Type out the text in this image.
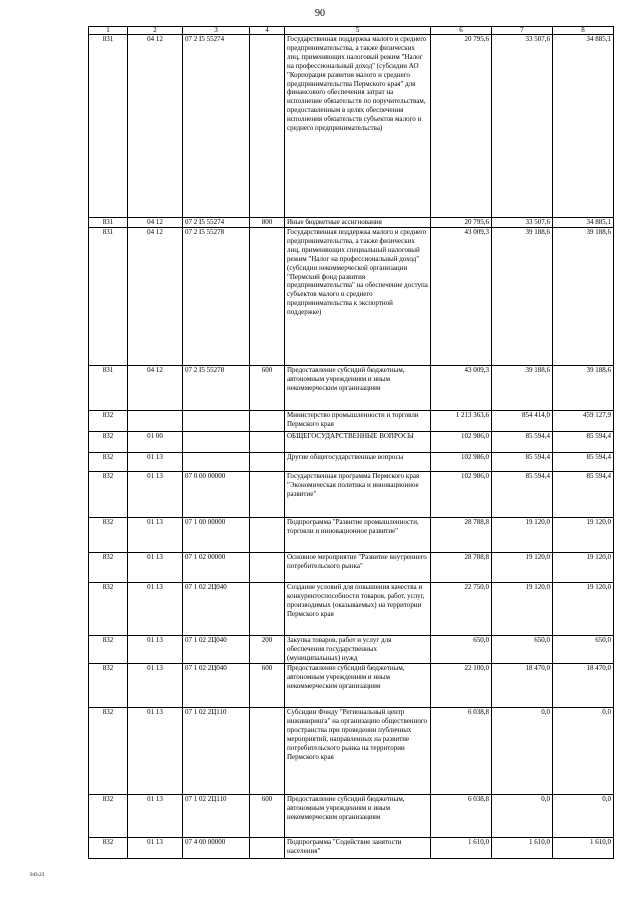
90
1	2	3	4	5	6	7	8
831	04 12	07 2 I5 55274		Государственная поддержка малого и среднего предпринимательства, а также физических лиц, применяющих налоговый режим "Налог на профессиональный доход" (субсидии АО "Корпорация развития малого и среднего предпринимательства Пермского края" для финансового обеспечения затрат на исполнение обязательств по поручительствам, предоставленным в целях обеспечения исполнения обязательств субъектов малого и среднего предпринимательства)	20 795,6	33 507,6	34 885,1
831	04 12	07 2 I5 55274	800	Иные бюджетные ассигнования	20 795,6	33 507,6	34 885,1
831	04 12	07 2 I5 55278		Государственная поддержка малого и среднего предпринимательства, а также физических лиц, применяющих специальный налоговый режим "Налог на профессиональный доход" (субсидии некоммерческой организации "Пермский фонд развития предпринимательства" на обеспечение доступа субъектов малого и среднего предпринимательства к экспортной поддержке)	43 009,3	39 188,6	39 188,6
831	04 12	07 2 I5 55278	600	Предоставление субсидий бюджетным, автономным учреждениям и иным некоммерческим организациям	43 009,3	39 188,6	39 188,6
832				Министерство промышленности и торговли Пермского края	1 213 363,6	854 414,0	459 127,9
832	01 00			ОБЩЕГОСУДАРСТВЕННЫЕ ВОПРОСЫ	102 986,0	85 594,4	85 594,4
832	01 13			Другие общегосударственные вопросы	102 986,0	85 594,4	85 594,4
832	01 13	07 0 00 00000		Государственная программа Пермского края "Экономическая политика и инновационное развитие"	102 986,0	85 594,4	85 594,4
832	01 13	07 1 00 00000		Подпрограмма "Развитие промышленности, торговли и инновационное развитие"	28 788,8	19 120,0	19 120,0
832	01 13	07 1 02 00000		Основное мероприятие "Развитие внутреннего потребительского рынка"	28 788,8	19 120,0	19 120,0
832	01 13	07 1 02 2Ц040		Создание условий для повышения качества и конкурентоспособности товаров, работ, услуг, производимых (оказываемых) на территории Пермского края	22 750,0	19 120,0	19 120,0
832	01 13	07 1 02 2Ц040	200	Закупка товаров, работ и услуг для обеспечения государственных (муниципальных) нужд	650,0	650,0	650,0
832	01 13	07 1 02 2Ц040	600	Предоставление субсидий бюджетным, автономным учреждениям и иным некоммерческим организациям	22 100,0	18 470,0	18 470,0
832	01 13	07 1 02 2Ц110		Субсидии Фонду "Региональный центр инжиниринга" на организацию общественного пространства при проведении публичных мероприятий, направленных на развитие потребительского рынка на территории Пермского края	6 038,8	0,0	0,0
832	01 13	07 1 02 2Ц110	600	Предоставление субсидий бюджетным, автономным учреждениям и иным некоммерческим организациям	6 038,8	0,0	0,0
832	01 13	07 4 00 00000		Подпрограмма "Содействие занятости населения"	1 610,0	1 610,0	1 610,0
943-23
